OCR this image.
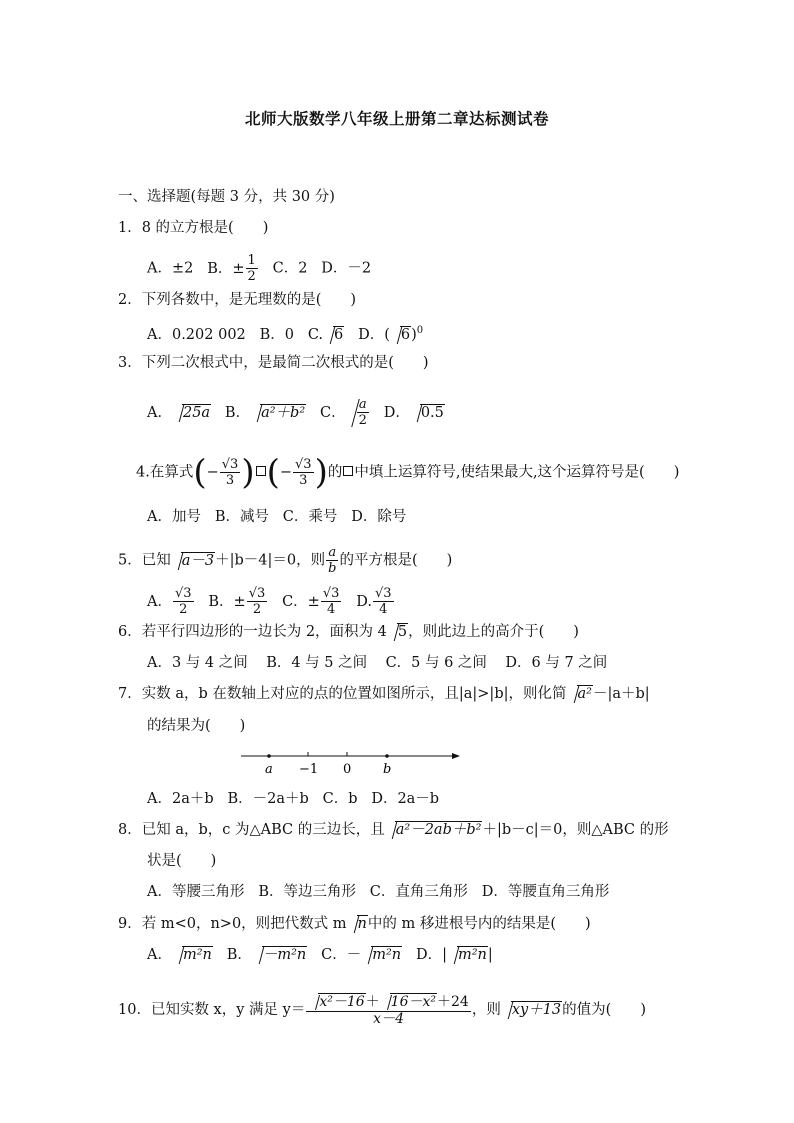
北师大版数学八年级上册第二章达标测试卷
一、选择题(每题 3 分，共 30 分)
1．8 的立方根是(　　)
A．±2 B．± $\frac{1}{2}$ C．2 D．－2
2．下列各数中，是无理数的是(　　)
A．0.202 002 B．0 C. 6 D．( 6)$^0$
3．下列二次根式中，是最简二次根式的是(　　)
A． 25a B． a²＋b² C． $\frac{a}{2}$ D． 0.5
4.在算式(− $\frac{√3}{3}$ ) (− $\frac{√3}{3}$ )的 中填上运算符号,使结果最大,这个运算符号是(　　)
A．加号 B．减号 C．乘号 D．除号
5．已知 a－3＋|b－4|＝0，则 $\frac{a}{b}$ 的平方根是(　　)
A． $\frac{√3}{2}$ B．± $\frac{√3}{2}$ C．± $\frac{√3}{4} D$. $\frac{√3}{4}$
6．若平行四边形的一边长为 2，面积为 4 5，则此边上的高介于(　　)
A．3 与 4 之间 B．4 与 5 之间 C．5 与 6 之间 D．6 与 7 之间
7．实数 a，b 在数轴上对应的点的位置如图所示，且|a|>|b|，则化简 a²－|a＋b|
的结果为(　　)
a −1 0 b
A．2a＋b B．－2a＋b C．b D．2a－b
8．已知 a，b，c 为△ABC 的三边长，且 a²－2ab＋b²＋|b－c|＝0，则△ABC 的形
状是(　　)
A．等腰三角形 B．等边三角形 C．直角三角形 D．等腰直角三角形
9．若 m<0，n>0，则把代数式 m n中的 m 移进根号内的结果是(　　)
A． m²n B． －m²n C．－ m²n D．| m²n|
10．已知实数 x，y 满足 $y= \frac{\text{x²－16＋ 16－x²＋24}}{x-4}$ ，则 xy＋13的值为(　　)
